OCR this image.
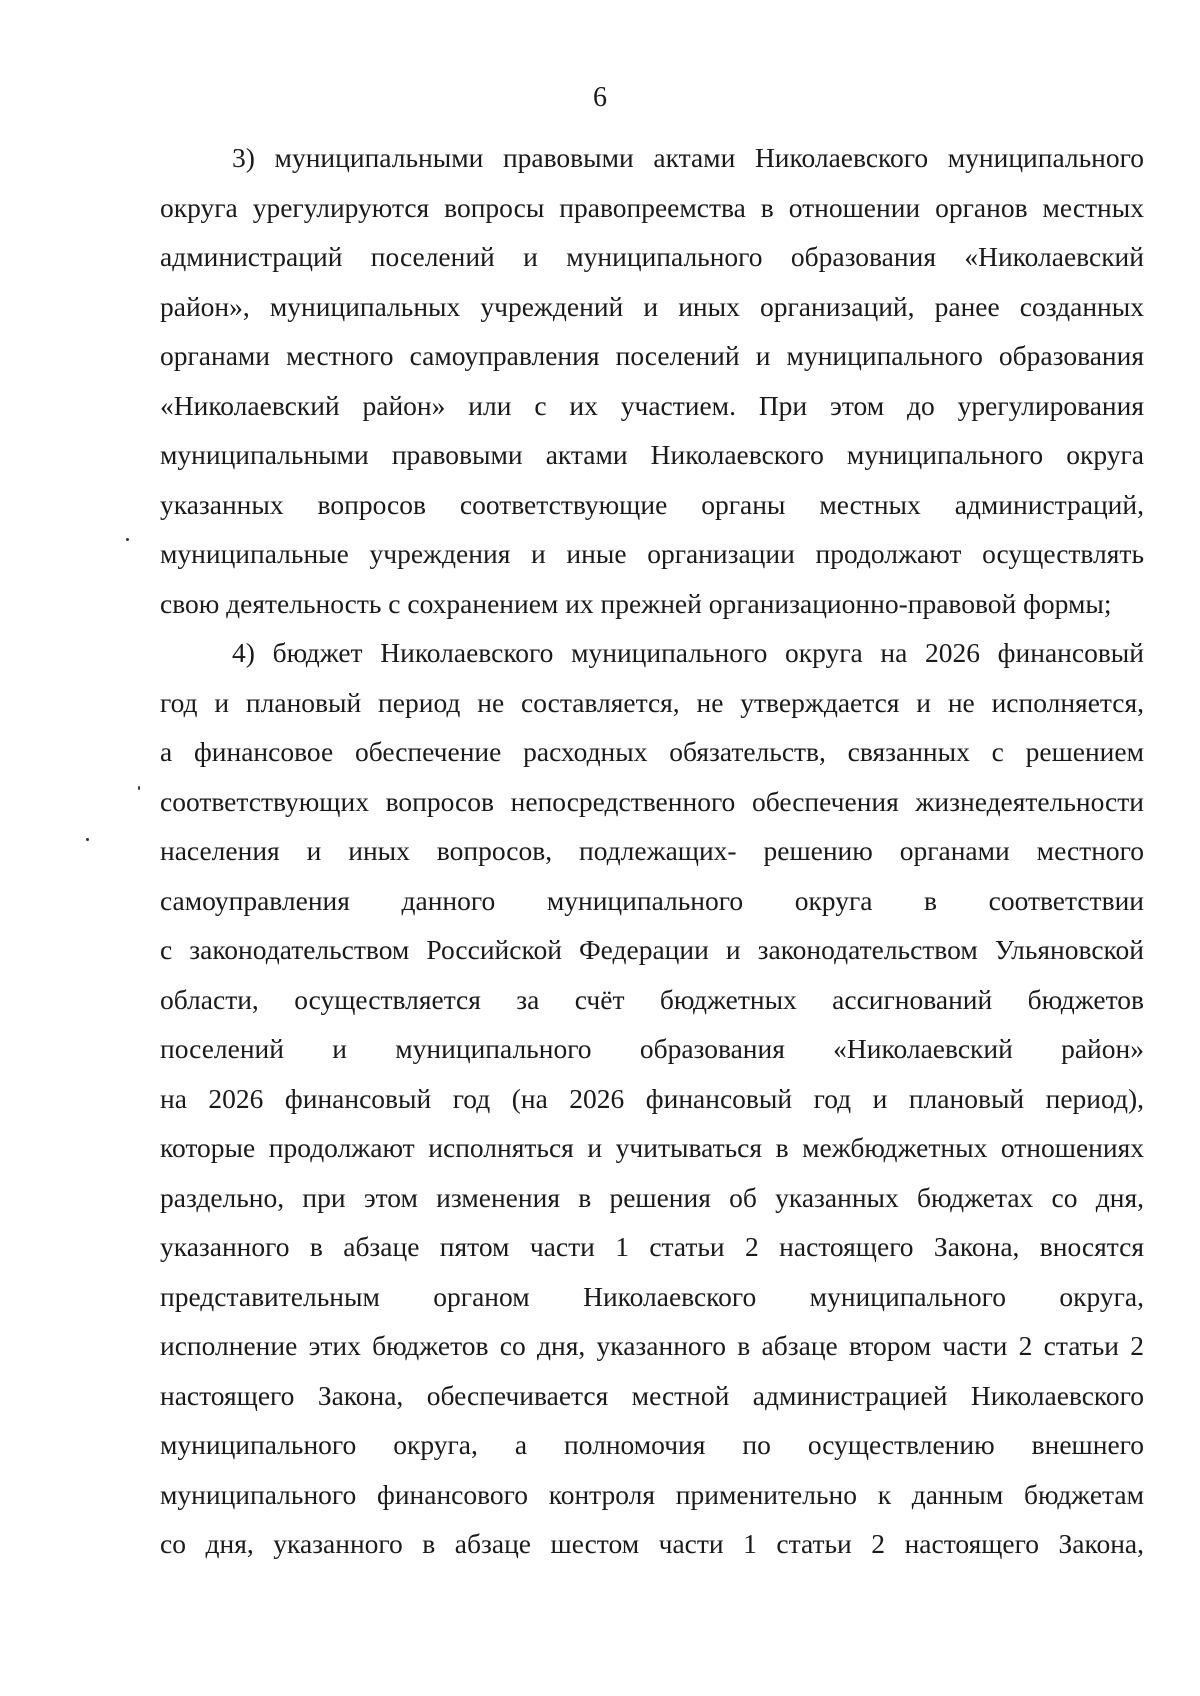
6
3) муниципальными правовыми актами Николаевского муниципального
округа урегулируются вопросы правопреемства в отношении органов местных
администраций поселений и муниципального образования «Николаевский
район», муниципальных учреждений и иных организаций, ранее созданных
органами местного самоуправления поселений и муниципального образования
«Николаевский район» или с их участием. При этом до урегулирования
муниципальными правовыми актами Николаевского муниципального округа
указанных вопросов соответствующие органы местных администраций,
муниципальные учреждения и иные организации продолжают осуществлять
свою деятельность с сохранением их прежней организационно-правовой формы;
4) бюджет Николаевского муниципального округа на 2026 финансовый
год и плановый период не составляется, не утверждается и не исполняется,
а финансовое обеспечение расходных обязательств, связанных с решением
соответствующих вопросов непосредственного обеспечения жизнедеятельности
населения и иных вопросов, подлежащих- решению органами местного
самоуправления данного муниципального округа в соответствии
с законодательством Российской Федерации и законодательством Ульяновской
области, осуществляется за счёт бюджетных ассигнований бюджетов
поселений и муниципального образования «Николаевский район»
на 2026 финансовый год (на 2026 финансовый год и плановый период),
которые продолжают исполняться и учитываться в межбюджетных отношениях
раздельно, при этом изменения в решения об указанных бюджетах со дня,
указанного в абзаце пятом части 1 статьи 2 настоящего Закона, вносятся
представительным органом Николаевского муниципального округа,
исполнение этих бюджетов со дня, указанного в абзаце втором части 2 статьи 2
настоящего Закона, обеспечивается местной администрацией Николаевского
муниципального округа, а полномочия по осуществлению внешнего
муниципального финансового контроля применительно к данным бюджетам
со дня, указанного в абзаце шестом части 1 статьи 2 настоящего Закона,
